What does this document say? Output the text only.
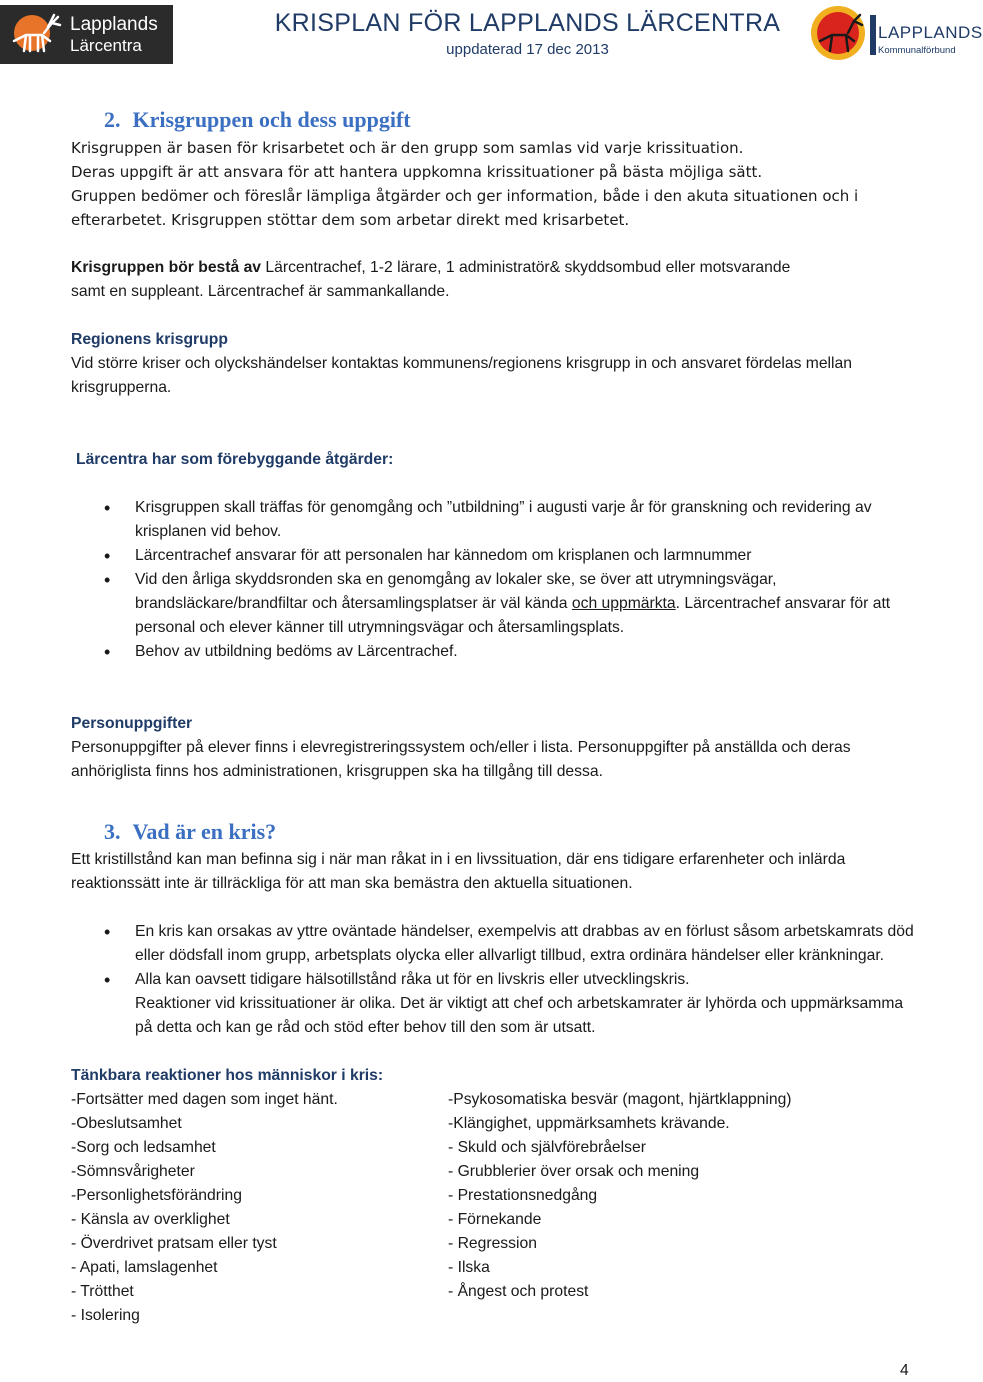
Lapplands
Lärcentra
KRISPLAN FÖR LAPPLANDS LÄRCENTRA
uppdaterad 17 dec 2013
LAPPLANDS
Kommunalförbund
2. Krisgruppen och dess uppgift

Krisgruppen är basen för krisarbetet och är den grupp som samlas vid varje krissituation.

Deras uppgift är att ansvara för att hantera uppkomna krissituationer på bästa möjliga sätt.

Gruppen bedömer och föreslår lämpliga åtgärder och ger information, både i den akuta situationen och i

efterarbetet. Krisgruppen stöttar dem som arbetar direkt med krisarbetet.

Krisgruppen bör bestå av Lärcentrachef, 1-2 lärare, 1 administratör& skyddsombud eller motsvarande

samt en suppleant. Lärcentrachef är sammankallande.

Regionens krisgrupp

Vid större kriser och olyckshändelser kontaktas kommunens/regionens krisgrupp in och ansvaret fördelas mellan krisgrupperna.

Lärcentra har som förebyggande åtgärder:

• Krisgruppen skall träffas för genomgång och ”utbildning” i augusti varje år för granskning och revidering av krisplanen vid behov.
• Lärcentrachef ansvarar för att personalen har kännedom om krisplanen och larmnummer
• Vid den årliga skyddsronden ska en genomgång av lokaler ske, se över att utrymningsvägar, brandsläckare/brandfiltar och återsamlingsplatser är väl kända och uppmärkta. Lärcentrachef ansvarar för att personal och elever känner till utrymningsvägar och återsamlingsplats.
• Behov av utbildning bedöms av Lärcentrachef.

Personuppgifter

Personuppgifter på elever finns i elevregistreringssystem och/eller i lista. Personuppgifter på anställda och deras anhöriglista finns hos administrationen, krisgruppen ska ha tillgång till dessa.

3. Vad är en kris?

Ett kristillstånd kan man befinna sig i när man råkat in i en livssituation, där ens tidigare erfarenheter och inlärda reaktionssätt inte är tillräckliga för att man ska bemästra den aktuella situationen.

• En kris kan orsakas av yttre oväntade händelser, exempelvis att drabbas av en förlust såsom arbetskamrats död eller dödsfall inom grupp, arbetsplats olycka eller allvarligt tillbud, extra ordinära händelser eller kränkningar.
• Alla kan oavsett tidigare hälsotillstånd råka ut för en livskris eller utvecklingskris.
Reaktioner vid krissituationer är olika. Det är viktigt att chef och arbetskamrater är lyhörda och uppmärksamma på detta och kan ge råd och stöd efter behov till den som är utsatt.

Tänkbara reaktioner hos människor i kris:

-Fortsätter med dagen som inget hänt.

-Obeslutsamhet

-Sorg och ledsamhet

-Sömnsvårigheter

-Personlighetsförändring

- Känsla av overklighet

- Överdrivet pratsam eller tyst

- Apati, lamslagenhet

- Trötthet

- Isolering

-Psykosomatiska besvär (magont, hjärtklappning)

-Klängighet, uppmärksamhets krävande.

- Skuld och självförebråelser

- Grubblerier över orsak och mening

- Prestationsnedgång

- Förnekande

- Regression

- Ilska

- Ångest och protest

4
